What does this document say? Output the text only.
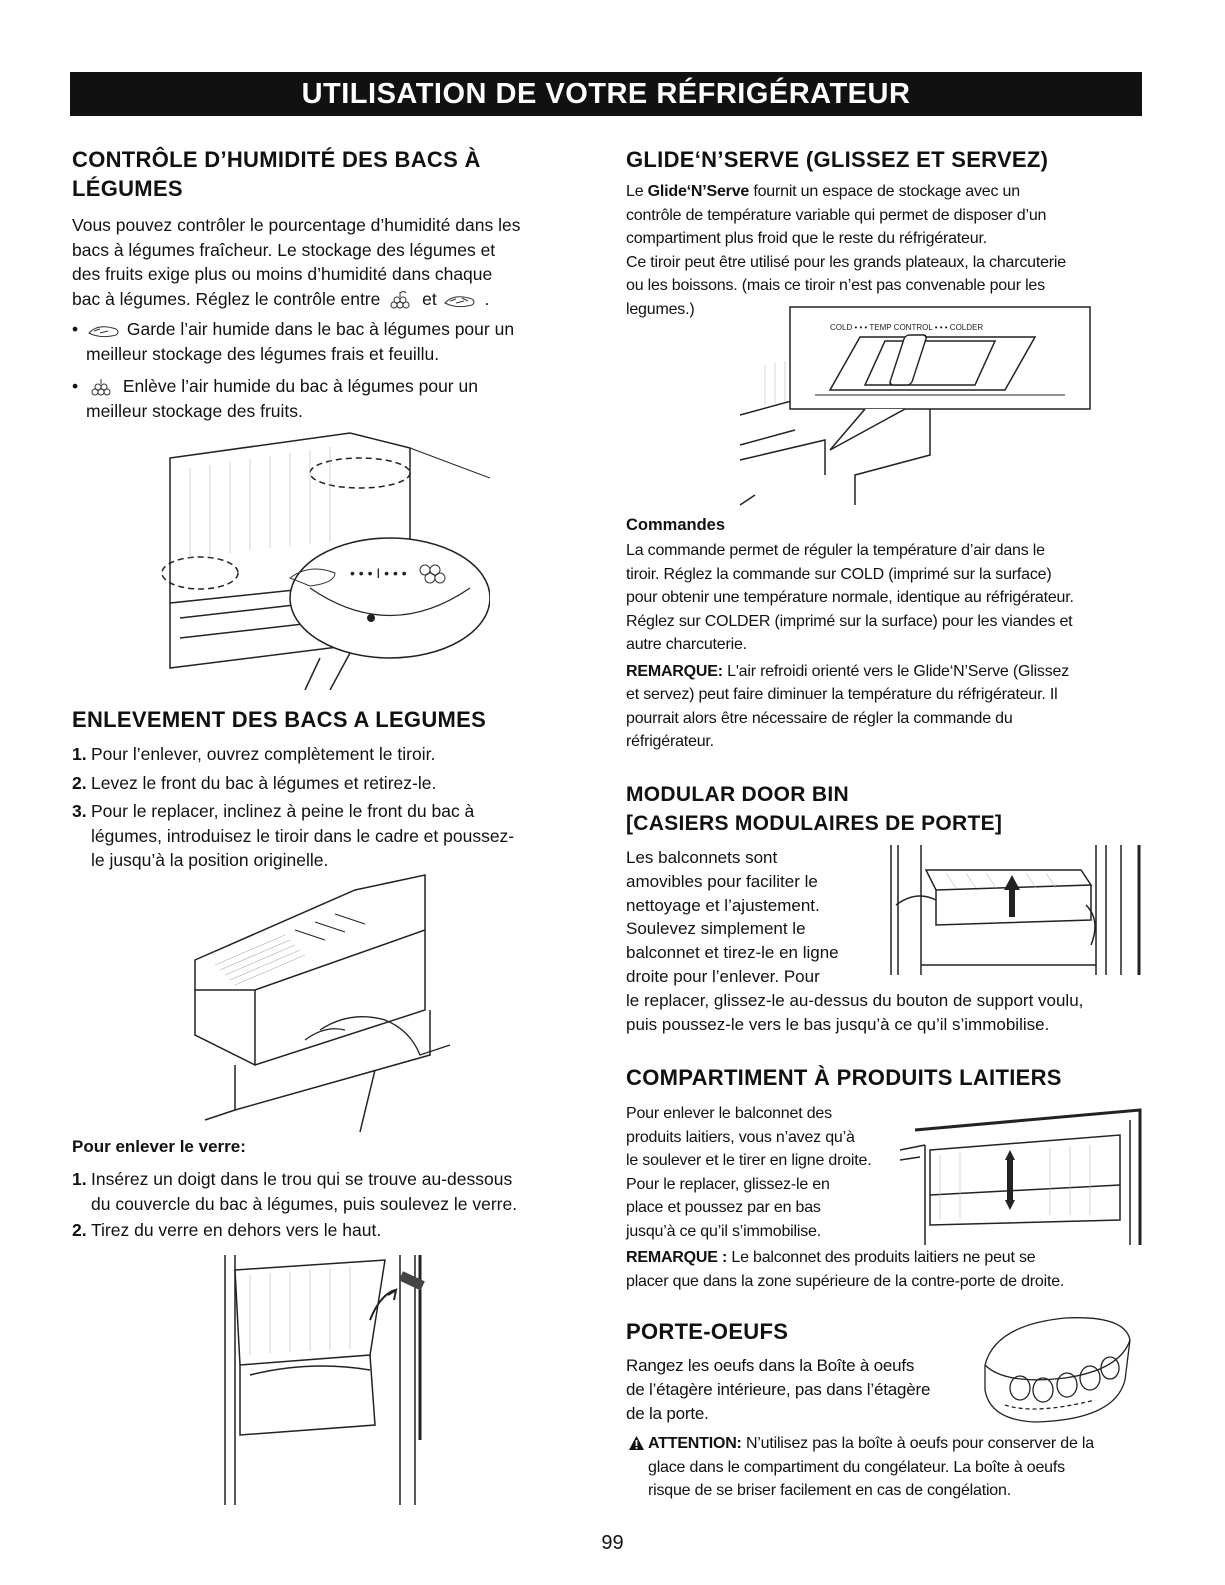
UTILISATION DE VOTRE RÉFRIGÉRATEUR
CONTRÔLE D’HUMIDITÉ DES BACS À
LÉGUMES

Vous pouvez contrôler le pourcentage d’humidité dans les

bacs à légumes fraîcheur. Le stockage des légumes et

des fruits exige plus ou moins d’humidité dans chaque

bac à légumes. Réglez le contrôle entre et	.

•	Garde l’air humide dans le bac à légumes pour un

meilleur stockage des légumes frais et feuillu.

•	Enlève l’air humide du bac à légumes pour un

meilleur stockage des fruits.

• • • I • • •
ENLEVEMENT DES BACS A LEGUMES
1. Pour l’enlever, ouvrez complètement le tiroir.

2. Levez le front du bac à légumes et retirez-le.

3. Pour le replacer, inclinez à peine le front du bac à

légumes, introduisez le tiroir dans le cadre et poussez-

le jusqu’à la position originelle.

Pour enlever le verre:
1. Insérez un doigt dans le trou qui se trouve au-dessous

du couvercle du bac à légumes, puis soulevez le verre.

2. Tirez du verre en dehors vers le haut.

GLIDE‘N’SERVE (GLISSEZ ET SERVEZ)

Le Glide‘N’Serve fournit un espace de stockage avec un

contrôle de température variable qui permet de disposer d’un

compartiment plus froid que le reste du réfrigérateur.

Ce tiroir peut être utilisé pour les grands plateaux, la charcuterie

ou les boissons. (mais ce tiroir n’est pas convenable pour les

legumes.)

COLD • • • TEMP CONTROL • • • COLDER
Commandes

La commande permet de réguler la température d’air dans le

tiroir. Réglez la commande sur COLD (imprimé sur la surface)

pour obtenir une température normale, identique au réfrigérateur.

Réglez sur COLDER (imprimé sur la surface) pour les viandes et

autre charcuterie.

REMARQUE: L'air refroidi orienté vers le Glide‘N’Serve (Glissez

et servez) peut faire diminuer la température du réfrigérateur. Il

pourrait alors être nécessaire de régler la commande du

réfrigérateur.

MODULAR DOOR BIN
[CASIERS MODULAIRES DE PORTE]

Les balconnets sont

amovibles pour faciliter le

nettoyage et l’ajustement.

Soulevez simplement le

balconnet et tirez-le en ligne

droite pour l’enlever. Pour

le replacer, glissez-le au-dessus du bouton de support voulu,

puis poussez-le vers le bas jusqu’à ce qu’il s’immobilise.

COMPARTIMENT À PRODUITS LAITIERS

Pour enlever le balconnet des

produits laitiers, vous n’avez qu’à

le soulever et le tirer en ligne droite.

Pour le replacer, glissez-le en

place et poussez par en bas

jusqu’à ce qu’il s’immobilise.

REMARQUE : Le balconnet des produits laitiers ne peut se

placer que dans la zone supérieure de la contre-porte de droite.

PORTE-OEUFS

Rangez les oeufs dans la Boîte à oeufs

de l’étagère intérieure, pas dans l’étagère

de la porte.

ATTENTION: N’utilisez pas la boîte à oeufs pour conserver de la

glace dans le compartiment du congélateur. La boîte à oeufs

risque de se briser facilement en cas de congélation.

99
